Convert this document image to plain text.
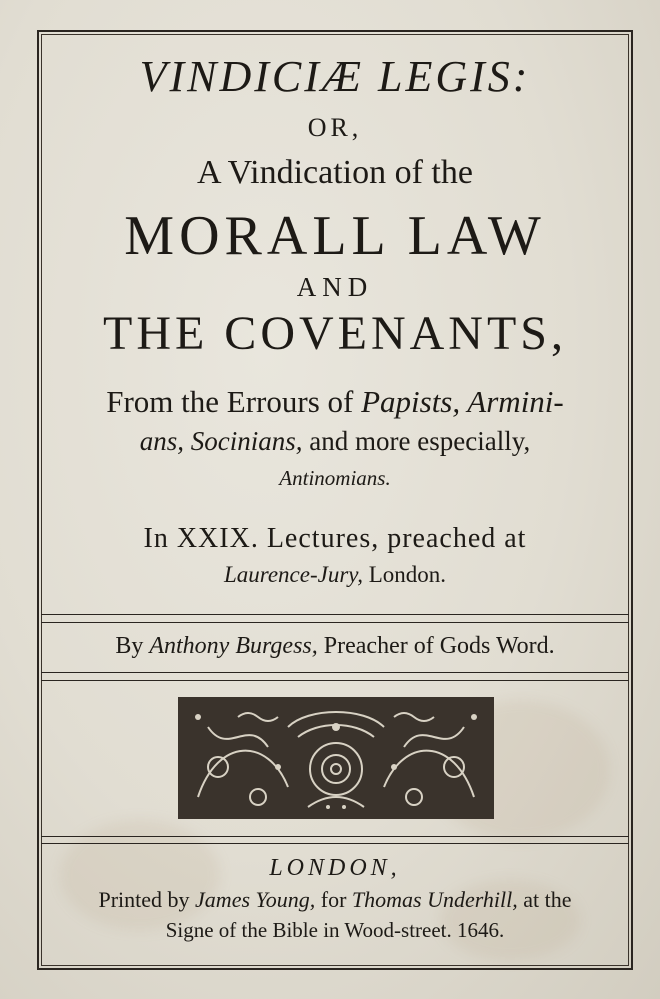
VINDICIÆ LEGIS:
OR,
A Vindication of the
MORALL LAW
AND
THE COVENANTS,
From the Errours of Papists, Armini-
ans, Socinians, and more especially,
Antinomians.
In XXIX. Lectures, preached at
Laurence-Jury, London.
By Anthony Burgess, Preacher of Gods Word.
LONDON,
Printed by James Young, for Thomas Underhill, at the
Signe of the Bible in Wood-street. 1646.
